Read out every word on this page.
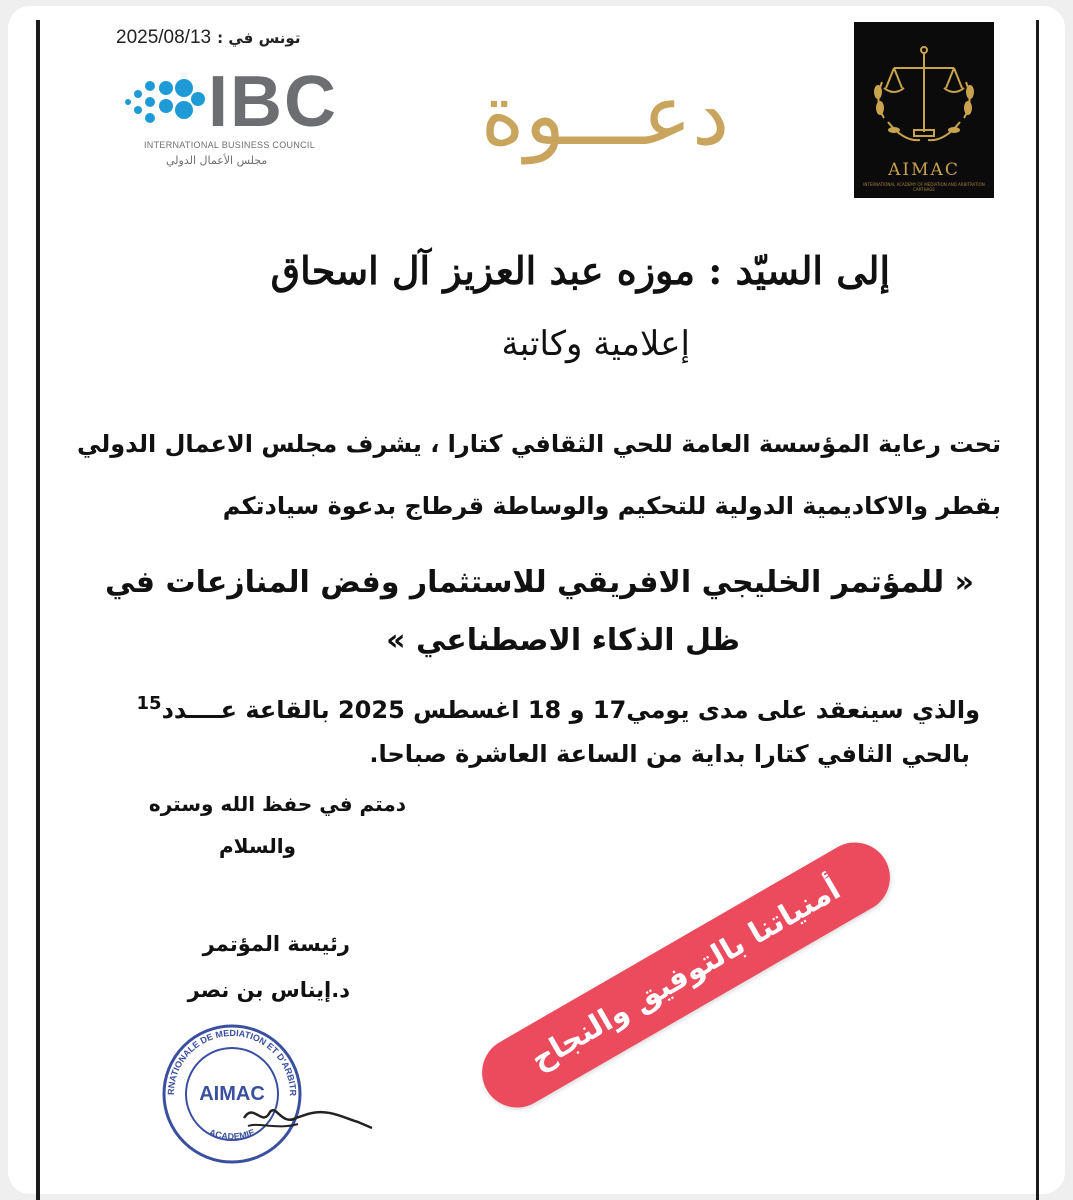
تونس في : 2025/08/13
IBC
INTERNATIONAL BUSINESS COUNCIL
مجلس الأعمال الدولي	دعـــوة
AIMAC
INTERNATIONAL ACADEMY OF MEDIATION AND ARBITRATION CARTHAGE
إلى السيّد : موزه عبد العزيز آل اسحاق
إعلامية وكاتبة
تحت رعاية المؤسسة العامة للحي الثقافي كتارا ، يشرف مجلس الاعمال الدولي
بقطر والاكاديمية الدولية للتحكيم والوساطة قرطاج بدعوة سيادتكم
« للمؤتمر الخليجي الافريقي للاستثمار وفض المنازعات في
ظل الذكاء الاصطناعي »
والذي سينعقد على مدى يومي17 و 18 اغسطس 2025 بالقاعة عــــدد$^{15}$
بالحي الثافي كتارا بداية من الساعة العاشرة صباحا.
دمتم في حفظ الله وستره
والسلام
رئيسة المؤتمر
د.إيناس بن نصر
RNATIONALE DE MEDIATION ET D'ARBITR
ACADEMIE
AIMAC
أمنياتنا بالتوفيق والنجاح
